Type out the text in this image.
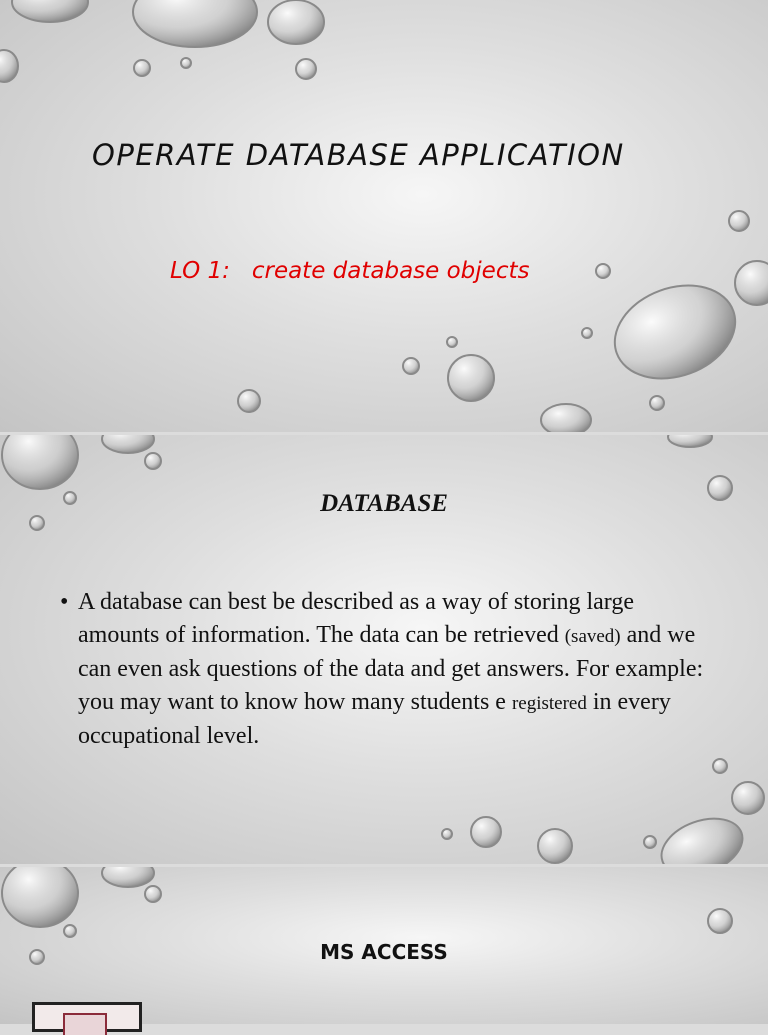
OPERATE DATABASE APPLICATION
LO 1:   create database objects
DATABASE
• A database can best be described as a way of storing large amounts of information. The data can be retrieved (saved) and we can even ask questions of the data and get answers. For example: you may want to know how many students e registered in every occupational level.
MS ACCESS
